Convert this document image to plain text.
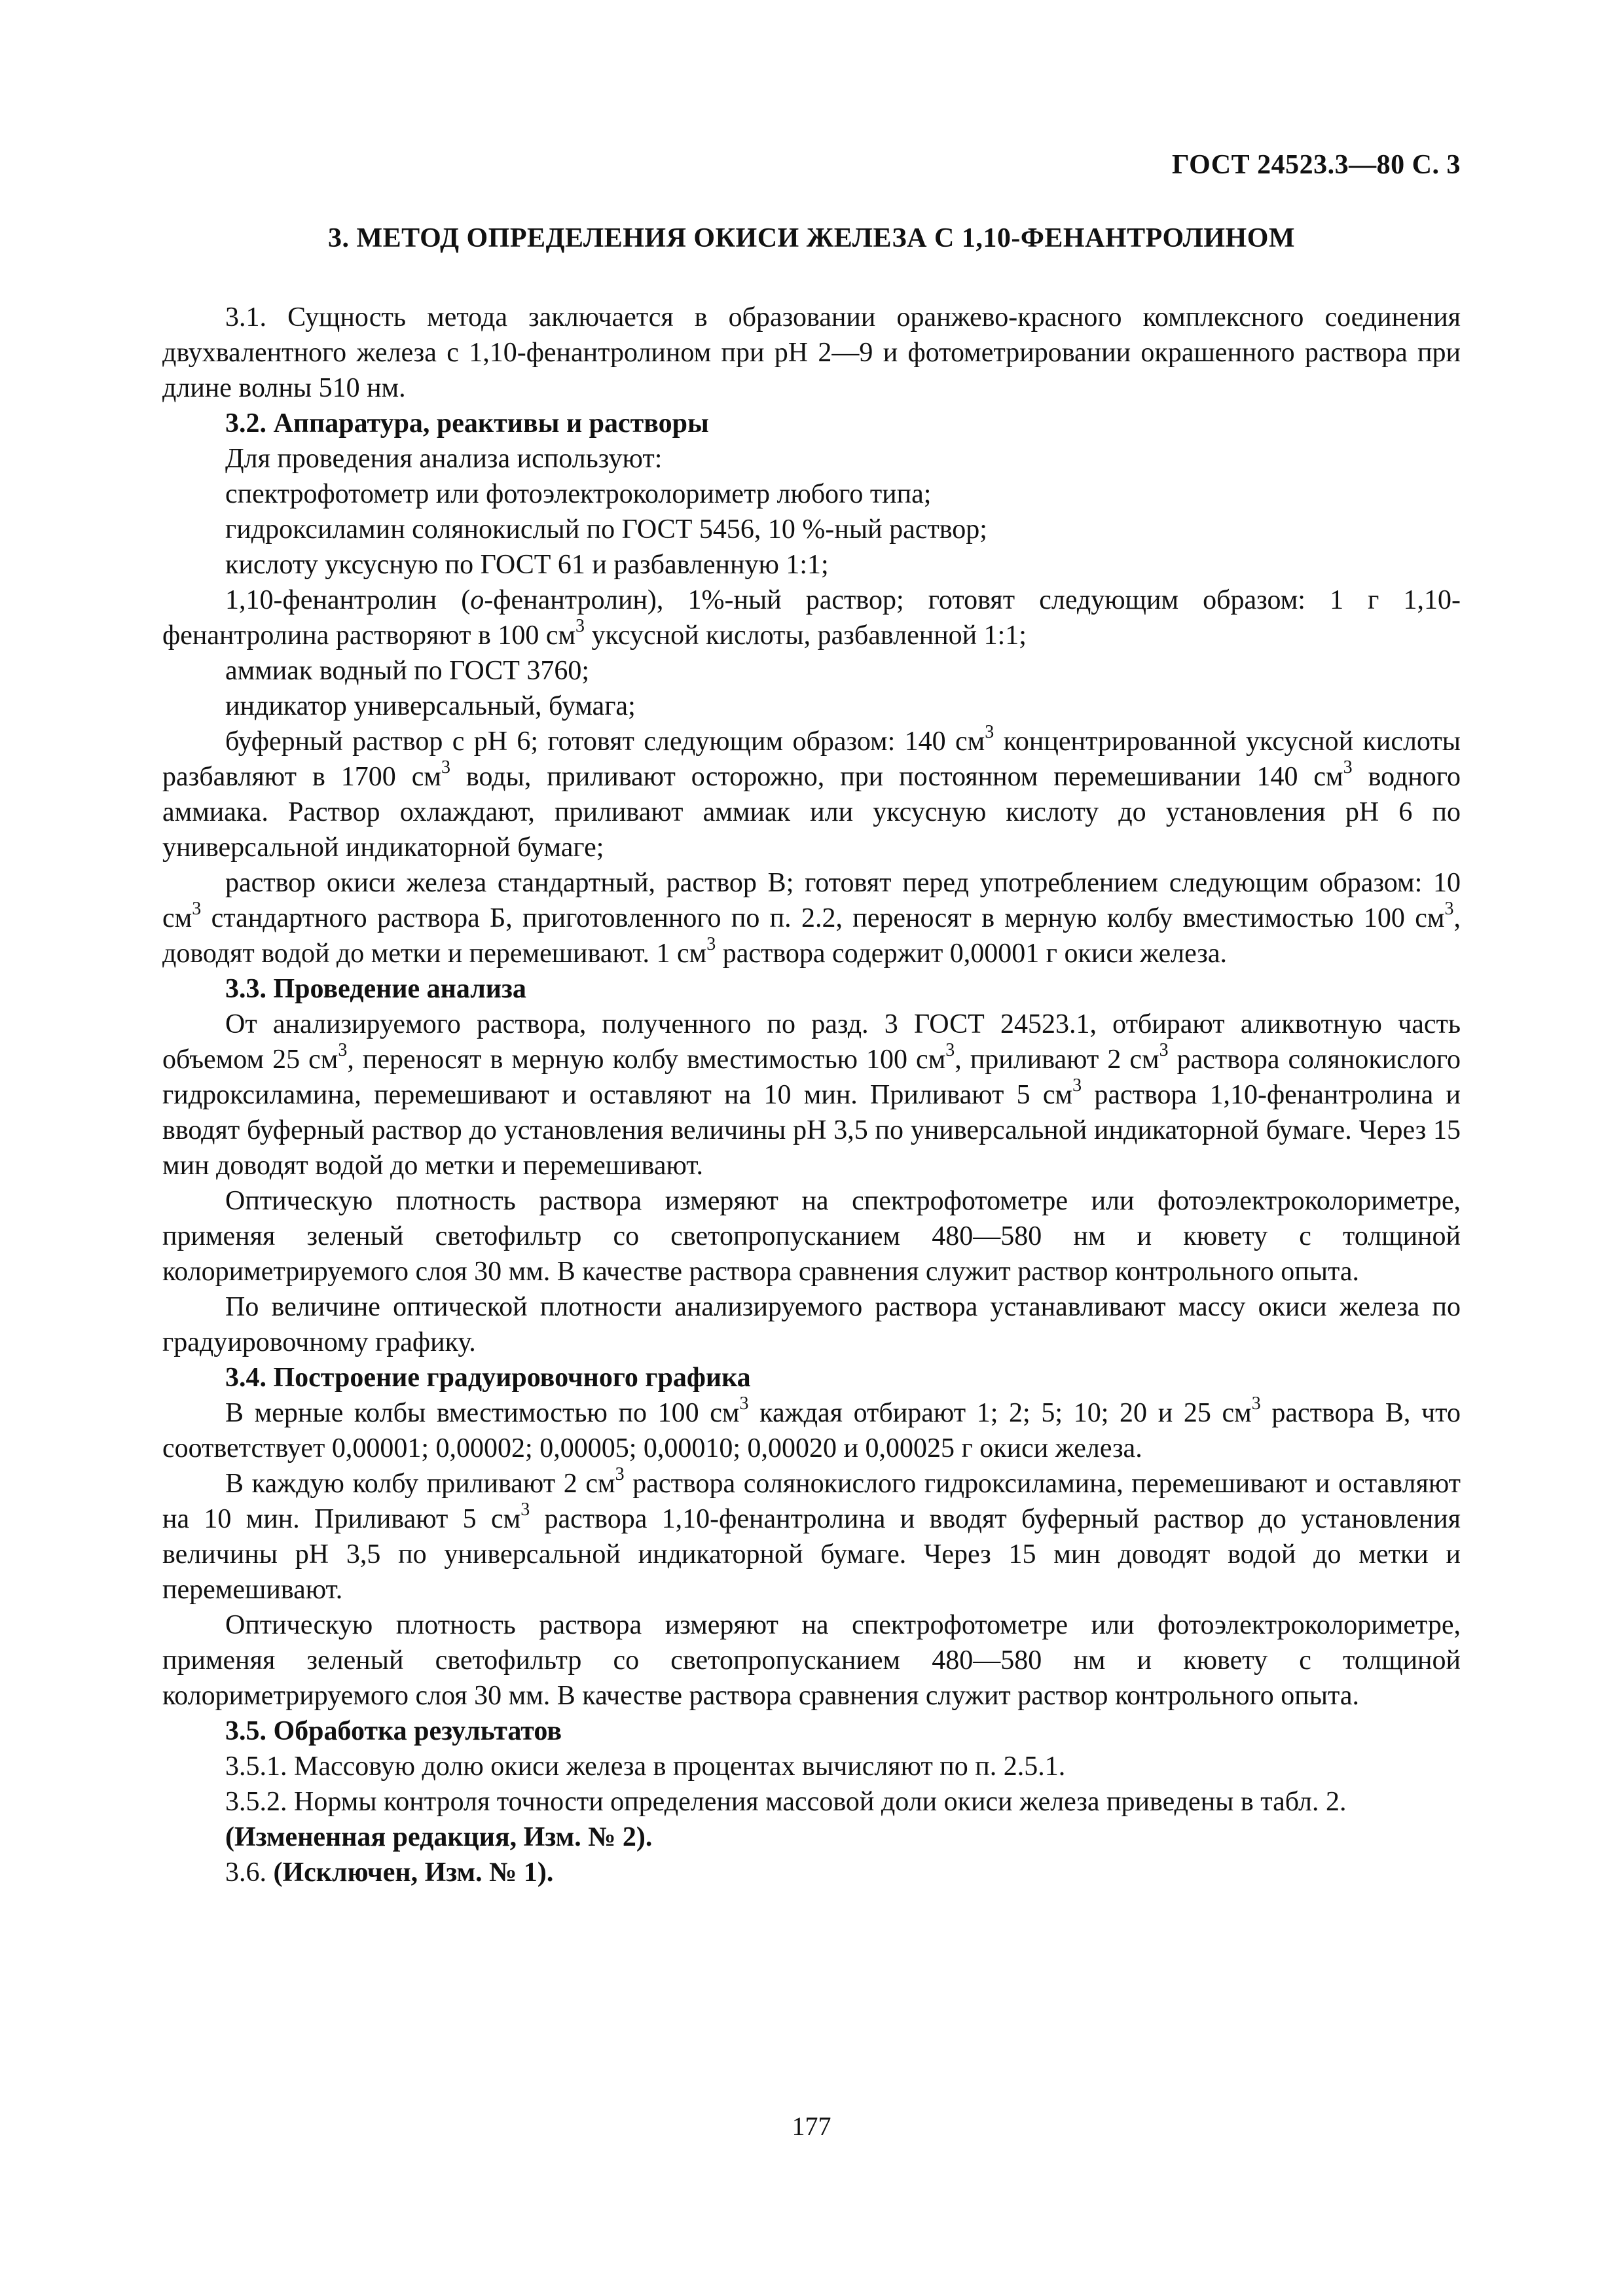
ГОСТ 24523.3—80 С. 3
3. МЕТОД ОПРЕДЕЛЕНИЯ ОКИСИ ЖЕЛЕЗА С 1,10-ФЕНАНТРОЛИНОМ

3.1. Сущность метода заключается в образовании оранжево-красного комплексного соединения двухвалентного железа с 1,10-фенантролином при pH 2—9 и фотометрировании окрашенного раствора при длине волны 510 нм.

3.2. Аппаратура, реактивы и растворы

Для проведения анализа используют:

спектрофотометр или фотоэлектроколориметр любого типа;

гидроксиламин солянокислый по ГОСТ 5456, 10 %-ный раствор;

кислоту уксусную по ГОСТ 61 и разбавленную 1:1;

1,10-фенантролин (о-фенантролин), 1%-ный раствор; готовят следующим образом: 1 г 1,10-фенантролина растворяют в 100 $см^3$ уксусной кислоты, разбавленной 1:1;

аммиак водный по ГОСТ 3760;

индикатор универсальный, бумага;

буферный раствор с pH 6; готовят следующим образом: 140 $см^3$ концентрированной уксусной кислоты разбавляют в 1700 $см^3$ воды, приливают осторожно, при постоянном перемешивании 140 $см^3$ водного аммиака. Раствор охлаждают, приливают аммиак или уксусную кислоту до установления pH 6 по универсальной индикаторной бумаге;

раствор окиси железа стандартный, раствор В; готовят перед употреблением следующим образом: 10 $см^3$ стандартного раствора Б, приготовленного по п. 2.2, переносят в мерную колбу вместимостью 100 $см^3$, доводят водой до метки и перемешивают. 1 $см^3$ раствора содержит 0,00001 г окиси железа.

3.3. Проведение анализа

От анализируемого раствора, полученного по разд. 3 ГОСТ 24523.1, отбирают аликвотную часть объемом 25 $см^3$, переносят в мерную колбу вместимостью 100 $см^3$, приливают 2 $см^3$ раствора солянокислого гидроксиламина, перемешивают и оставляют на 10 мин. Приливают 5 $см^3$ раствора 1,10-фенантролина и вводят буферный раствор до установления величины pH 3,5 по универсальной индикаторной бумаге. Через 15 мин доводят водой до метки и перемешивают.

Оптическую плотность раствора измеряют на спектрофотометре или фотоэлектроколориметре, применяя зеленый светофильтр со светопропусканием 480—580 нм и кювету с толщиной колориметрируемого слоя 30 мм. В качестве раствора сравнения служит раствор контрольного опыта.

По величине оптической плотности анализируемого раствора устанавливают массу окиси железа по градуировочному графику.

3.4. Построение градуировочного графика

В мерные колбы вместимостью по 100 $см^3$ каждая отбирают 1; 2; 5; 10; 20 и 25 $см^3$ раствора В, что соответствует 0,00001; 0,00002; 0,00005; 0,00010; 0,00020 и 0,00025 г окиси железа.

В каждую колбу приливают 2 $см^3$ раствора солянокислого гидроксиламина, перемешивают и оставляют на 10 мин. Приливают 5 $см^3$ раствора 1,10-фенантролина и вводят буферный раствор до установления величины pH 3,5 по универсальной индикаторной бумаге. Через 15 мин доводят водой до метки и перемешивают.

Оптическую плотность раствора измеряют на спектрофотометре или фотоэлектроколориметре, применяя зеленый светофильтр со светопропусканием 480—580 нм и кювету с толщиной колориметрируемого слоя 30 мм. В качестве раствора сравнения служит раствор контрольного опыта.

3.5. Обработка результатов

3.5.1. Массовую долю окиси железа в процентах вычисляют по п. 2.5.1.

3.5.2. Нормы контроля точности определения массовой доли окиси железа приведены в табл. 2.

(Измененная редакция, Изм. № 2).

3.6. (Исключен, Изм. № 1).

177
